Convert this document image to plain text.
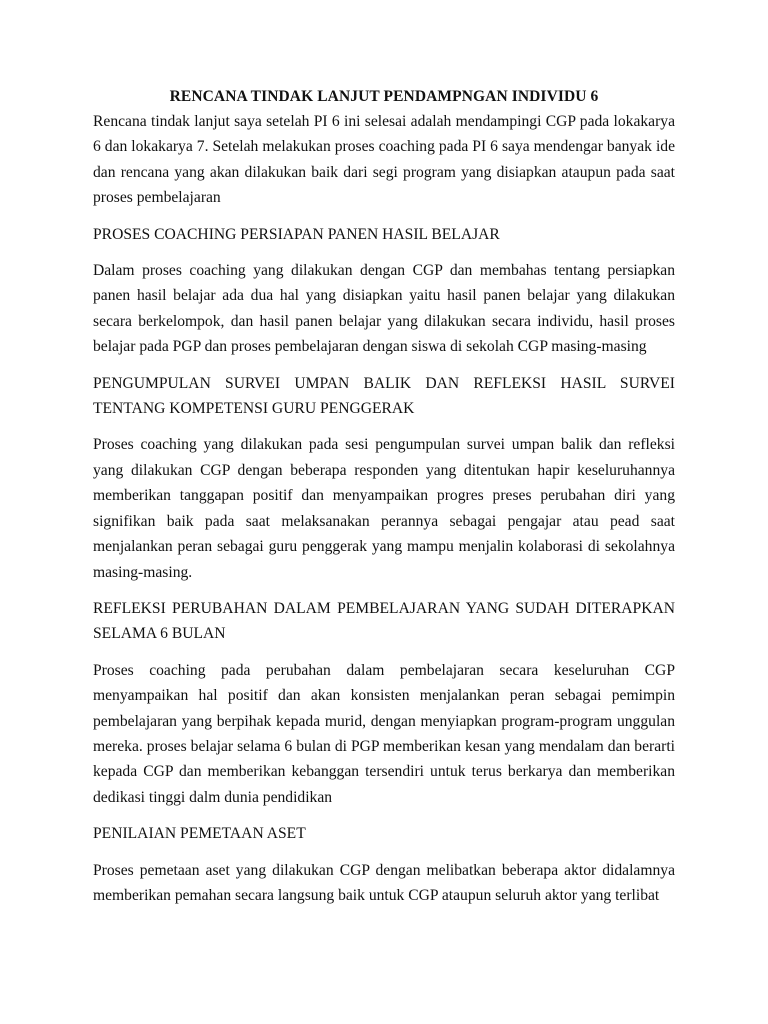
RENCANA TINDAK LANJUT PENDAMPNGAN INDIVIDU 6

Rencana tindak lanjut saya setelah PI 6 ini selesai adalah mendampingi CGP pada lokakarya 6 dan lokakarya 7. Setelah melakukan proses coaching pada PI 6 saya mendengar banyak ide dan rencana yang akan dilakukan baik dari segi program yang disiapkan ataupun pada saat proses pembelajaran

PROSES COACHING PERSIAPAN PANEN HASIL BELAJAR

Dalam proses coaching yang dilakukan dengan CGP dan membahas tentang persiapkan panen hasil belajar ada dua hal yang disiapkan yaitu hasil panen belajar yang dilakukan secara berkelompok, dan hasil panen belajar yang dilakukan secara individu, hasil proses belajar pada PGP dan proses pembelajaran dengan siswa di sekolah CGP masing-masing

PENGUMPULAN SURVEI UMPAN BALIK DAN REFLEKSI HASIL SURVEI TENTANG KOMPETENSI GURU PENGGERAK

Proses coaching yang dilakukan pada sesi pengumpulan survei umpan balik dan refleksi yang dilakukan CGP dengan beberapa responden yang ditentukan hapir keseluruhannya memberikan tanggapan positif dan menyampaikan progres preses perubahan diri yang signifikan baik pada saat melaksanakan perannya sebagai pengajar atau pead saat menjalankan peran sebagai guru penggerak yang mampu menjalin kolaborasi di sekolahnya masing-masing.

REFLEKSI PERUBAHAN DALAM PEMBELAJARAN YANG SUDAH DITERAPKAN SELAMA 6 BULAN

Proses coaching pada perubahan dalam pembelajaran secara keseluruhan CGP menyampaikan hal positif dan akan konsisten menjalankan peran sebagai pemimpin pembelajaran yang berpihak kepada murid, dengan menyiapkan program-program unggulan mereka. proses belajar selama 6 bulan di PGP memberikan kesan yang mendalam dan berarti kepada CGP dan memberikan kebanggan tersendiri untuk terus berkarya dan memberikan dedikasi tinggi dalm dunia pendidikan

PENILAIAN PEMETAAN ASET

Proses pemetaan aset yang dilakukan CGP dengan melibatkan beberapa aktor didalamnya memberikan pemahan secara langsung baik untuk CGP ataupun seluruh aktor yang terlibat
